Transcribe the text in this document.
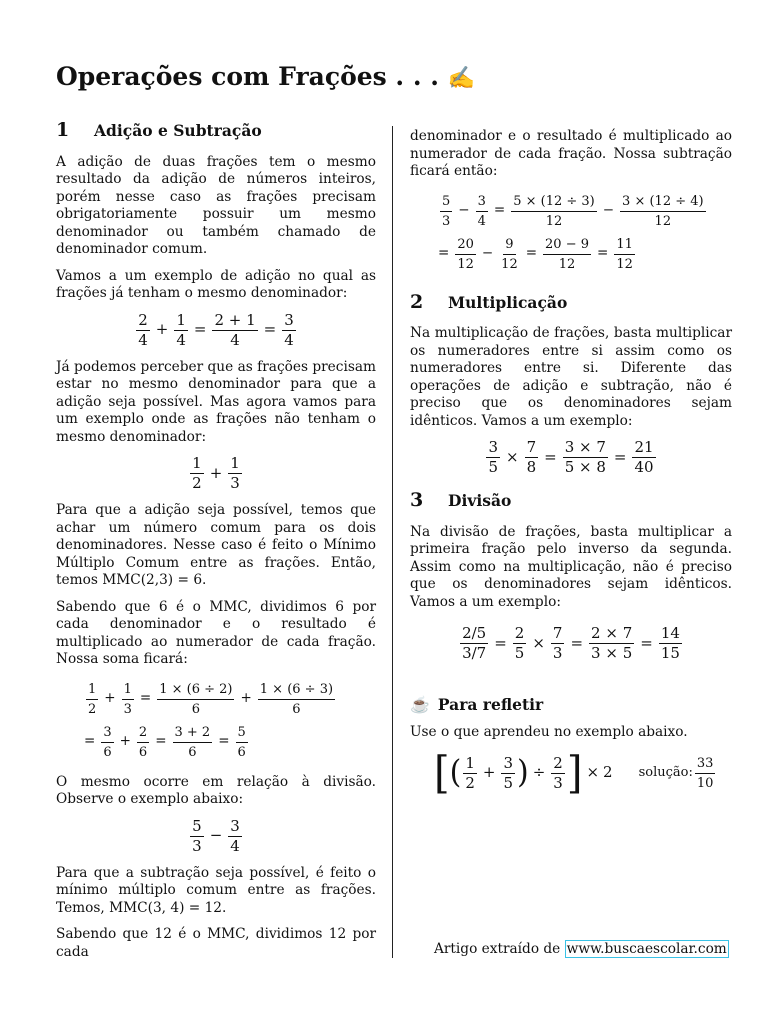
Operações com Frações . . . ✍
1	Adição e Subtração

A adição de duas frações tem o mesmo resultado da adição de números inteiros, porém nesse caso as frações precisam obrigatoriamente possuir um mesmo denominador ou também chamado de denominador comum.

Vamos a um exemplo de adição no qual as frações já tenham o mesmo denominador:

$\frac{2}{4} + \frac{1}{4} = \frac{2 + 1}{4} = \frac{3}{4}$

Já podemos perceber que as frações precisam estar no mesmo denominador para que a adição seja possível. Mas agora vamos para um exemplo onde as frações não tenham o mesmo denominador:

$\frac{1}{2} + \frac{1}{3}$

Para que a adição seja possível, temos que achar um número comum para os dois denominadores. Nesse caso é feito o Mínimo Múltiplo Comum entre as frações. Então, temos MMC(2,3) = 6.

Sabendo que 6 é o MMC, dividimos 6 por cada denominador e o resultado é multiplicado ao numerador de cada fração. Nossa soma ficará:

$\frac{1}{2} + \frac{1}{3} = \frac{1 \times (6 \div 2)}{6} + \frac{1 \times (6 \div 3)}{6}$
= $\frac{3}{6} + \frac{2}{6} = \frac{3 + 2}{6} = \frac{5}{6}$

O mesmo ocorre em relação à divisão. Observe o exemplo abaixo:

$\frac{5}{3} - \frac{3}{4}$

Para que a subtração seja possível, é feito o mínimo múltiplo comum entre as frações. Temos, MMC(3, 4) = 12.

Sabendo que 12 é o MMC, dividimos 12 por cada

denominador e o resultado é multiplicado ao numerador de cada fração. Nossa subtração ficará então:

$\frac{5}{3} - \frac{3}{4} = \frac{5 \times (12 \div 3)}{12} - \frac{3 \times (12 \div 4)}{12}$
= $\frac{20}{12} - \frac{9}{12} = \frac{20 - 9}{12} = \frac{11}{12}$
2	Multiplicação

Na multiplicação de frações, basta multiplicar os numeradores entre si assim como os numeradores entre si. Diferente das operações de adição e subtração, não é preciso que os denominadores sejam idênticos. Vamos a um exemplo:

$\frac{3}{5} \times \frac{7}{8} = \frac{3 \times 7}{5 \times 8} = \frac{21}{40}$
3	Divisão

Na divisão de frações, basta multiplicar a primeira fração pelo inverso da segunda. Assim como na multiplicação, não é preciso que os denominadores sejam idênticos. Vamos a um exemplo:

$\frac{2/5}{3/7} = \frac{2}{5} \times \frac{7}{3} = \frac{2 \times 7}{3 \times 5} = \frac{14}{15}$
☕ Para refletir

Use o que aprendeu no exemplo abaixo.

[ ( $\frac{1}{2} + \frac{3}{5}$ ) ÷ $\frac{2}{3}$ ] × 2 solução: $\frac{33}{10}$
Artigo extraído de www.buscaescolar.com
